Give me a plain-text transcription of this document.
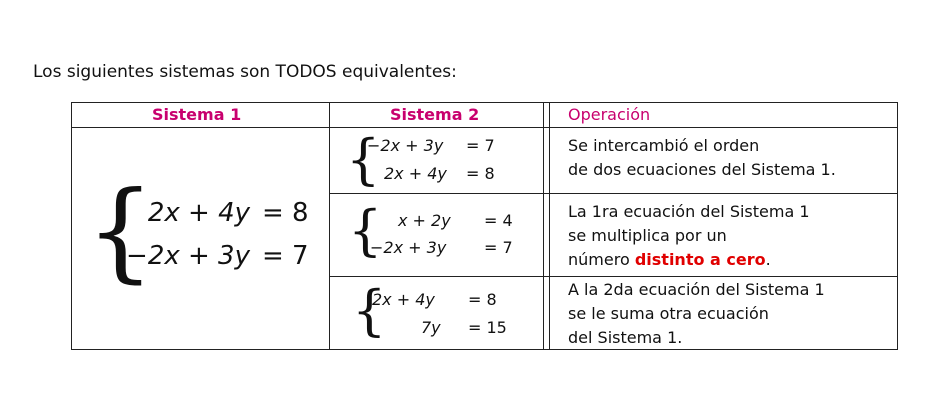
Los siguientes sistemas son TODOS equivalentes:
Sistema 1	Sistema 2	Operación
{
2x + 4y = 8
−2x + 3y = 7
{
−2x + 3y = 7
2x + 4y = 8
Se intercambió el orden
de dos ecuaciones del Sistema 1.
{ x + 2y = 4
−2x + 3y = 7
La 1ra ecuación del Sistema 1
se multiplica por un
número distinto a cero.
{
2x + 4y = 8
7y = 15
A la 2da ecuación del Sistema 1
se le suma otra ecuación
del Sistema 1.
